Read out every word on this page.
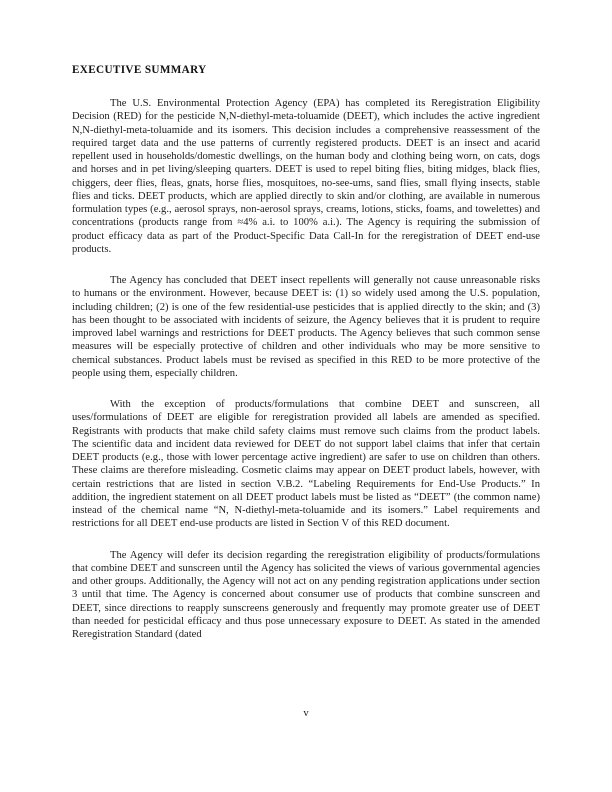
EXECUTIVE SUMMARY

The U.S. Environmental Protection Agency (EPA) has completed its Reregistration Eligibility Decision (RED) for the pesticide N,N-diethyl-meta-toluamide (DEET), which includes the active ingredient N,N-diethyl-meta-toluamide and its isomers. This decision includes a comprehensive reassessment of the required target data and the use patterns of currently registered products. DEET is an insect and acarid repellent used in households/domestic dwellings, on the human body and clothing being worn, on cats, dogs and horses and in pet living/sleeping quarters. DEET is used to repel biting flies, biting midges, black flies, chiggers, deer flies, fleas, gnats, horse flies, mosquitoes, no-see-ums, sand flies, small flying insects, stable flies and ticks. DEET products, which are applied directly to skin and/or clothing, are available in numerous formulation types (e.g., aerosol sprays, non-aerosol sprays, creams, lotions, sticks, foams, and towelettes) and concentrations (products range from ≈4% a.i. to 100% a.i.). The Agency is requiring the submission of product efficacy data as part of the Product-Specific Data Call-In for the reregistration of DEET end-use products.

The Agency has concluded that DEET insect repellents will generally not cause unreasonable risks to humans or the environment. However, because DEET is: (1) so widely used among the U.S. population, including children; (2) is one of the few residential-use pesticides that is applied directly to the skin; and (3) has been thought to be associated with incidents of seizure, the Agency believes that it is prudent to require improved label warnings and restrictions for DEET products. The Agency believes that such common sense measures will be especially protective of children and other individuals who may be more sensitive to chemical substances. Product labels must be revised as specified in this RED to be more protective of the people using them, especially children.

With the exception of products/formulations that combine DEET and sunscreen, all uses/formulations of DEET are eligible for reregistration provided all labels are amended as specified. Registrants with products that make child safety claims must remove such claims from the product labels. The scientific data and incident data reviewed for DEET do not support label claims that infer that certain DEET products (e.g., those with lower percentage active ingredient) are safer to use on children than others. These claims are therefore misleading. Cosmetic claims may appear on DEET product labels, however, with certain restrictions that are listed in section V.B.2. “Labeling Requirements for End-Use Products.” In addition, the ingredient statement on all DEET product labels must be listed as “DEET” (the common name) instead of the chemical name “N, N-diethyl-meta-toluamide and its isomers.” Label requirements and restrictions for all DEET end-use products are listed in Section V of this RED document.

The Agency will defer its decision regarding the reregistration eligibility of products/formulations that combine DEET and sunscreen until the Agency has solicited the views of various governmental agencies and other groups. Additionally, the Agency will not act on any pending registration applications under section 3 until that time. The Agency is concerned about consumer use of products that combine sunscreen and DEET, since directions to reapply sunscreens generously and frequently may promote greater use of DEET than needed for pesticidal efficacy and thus pose unnecessary exposure to DEET. As stated in the amended Reregistration Standard (dated

v
